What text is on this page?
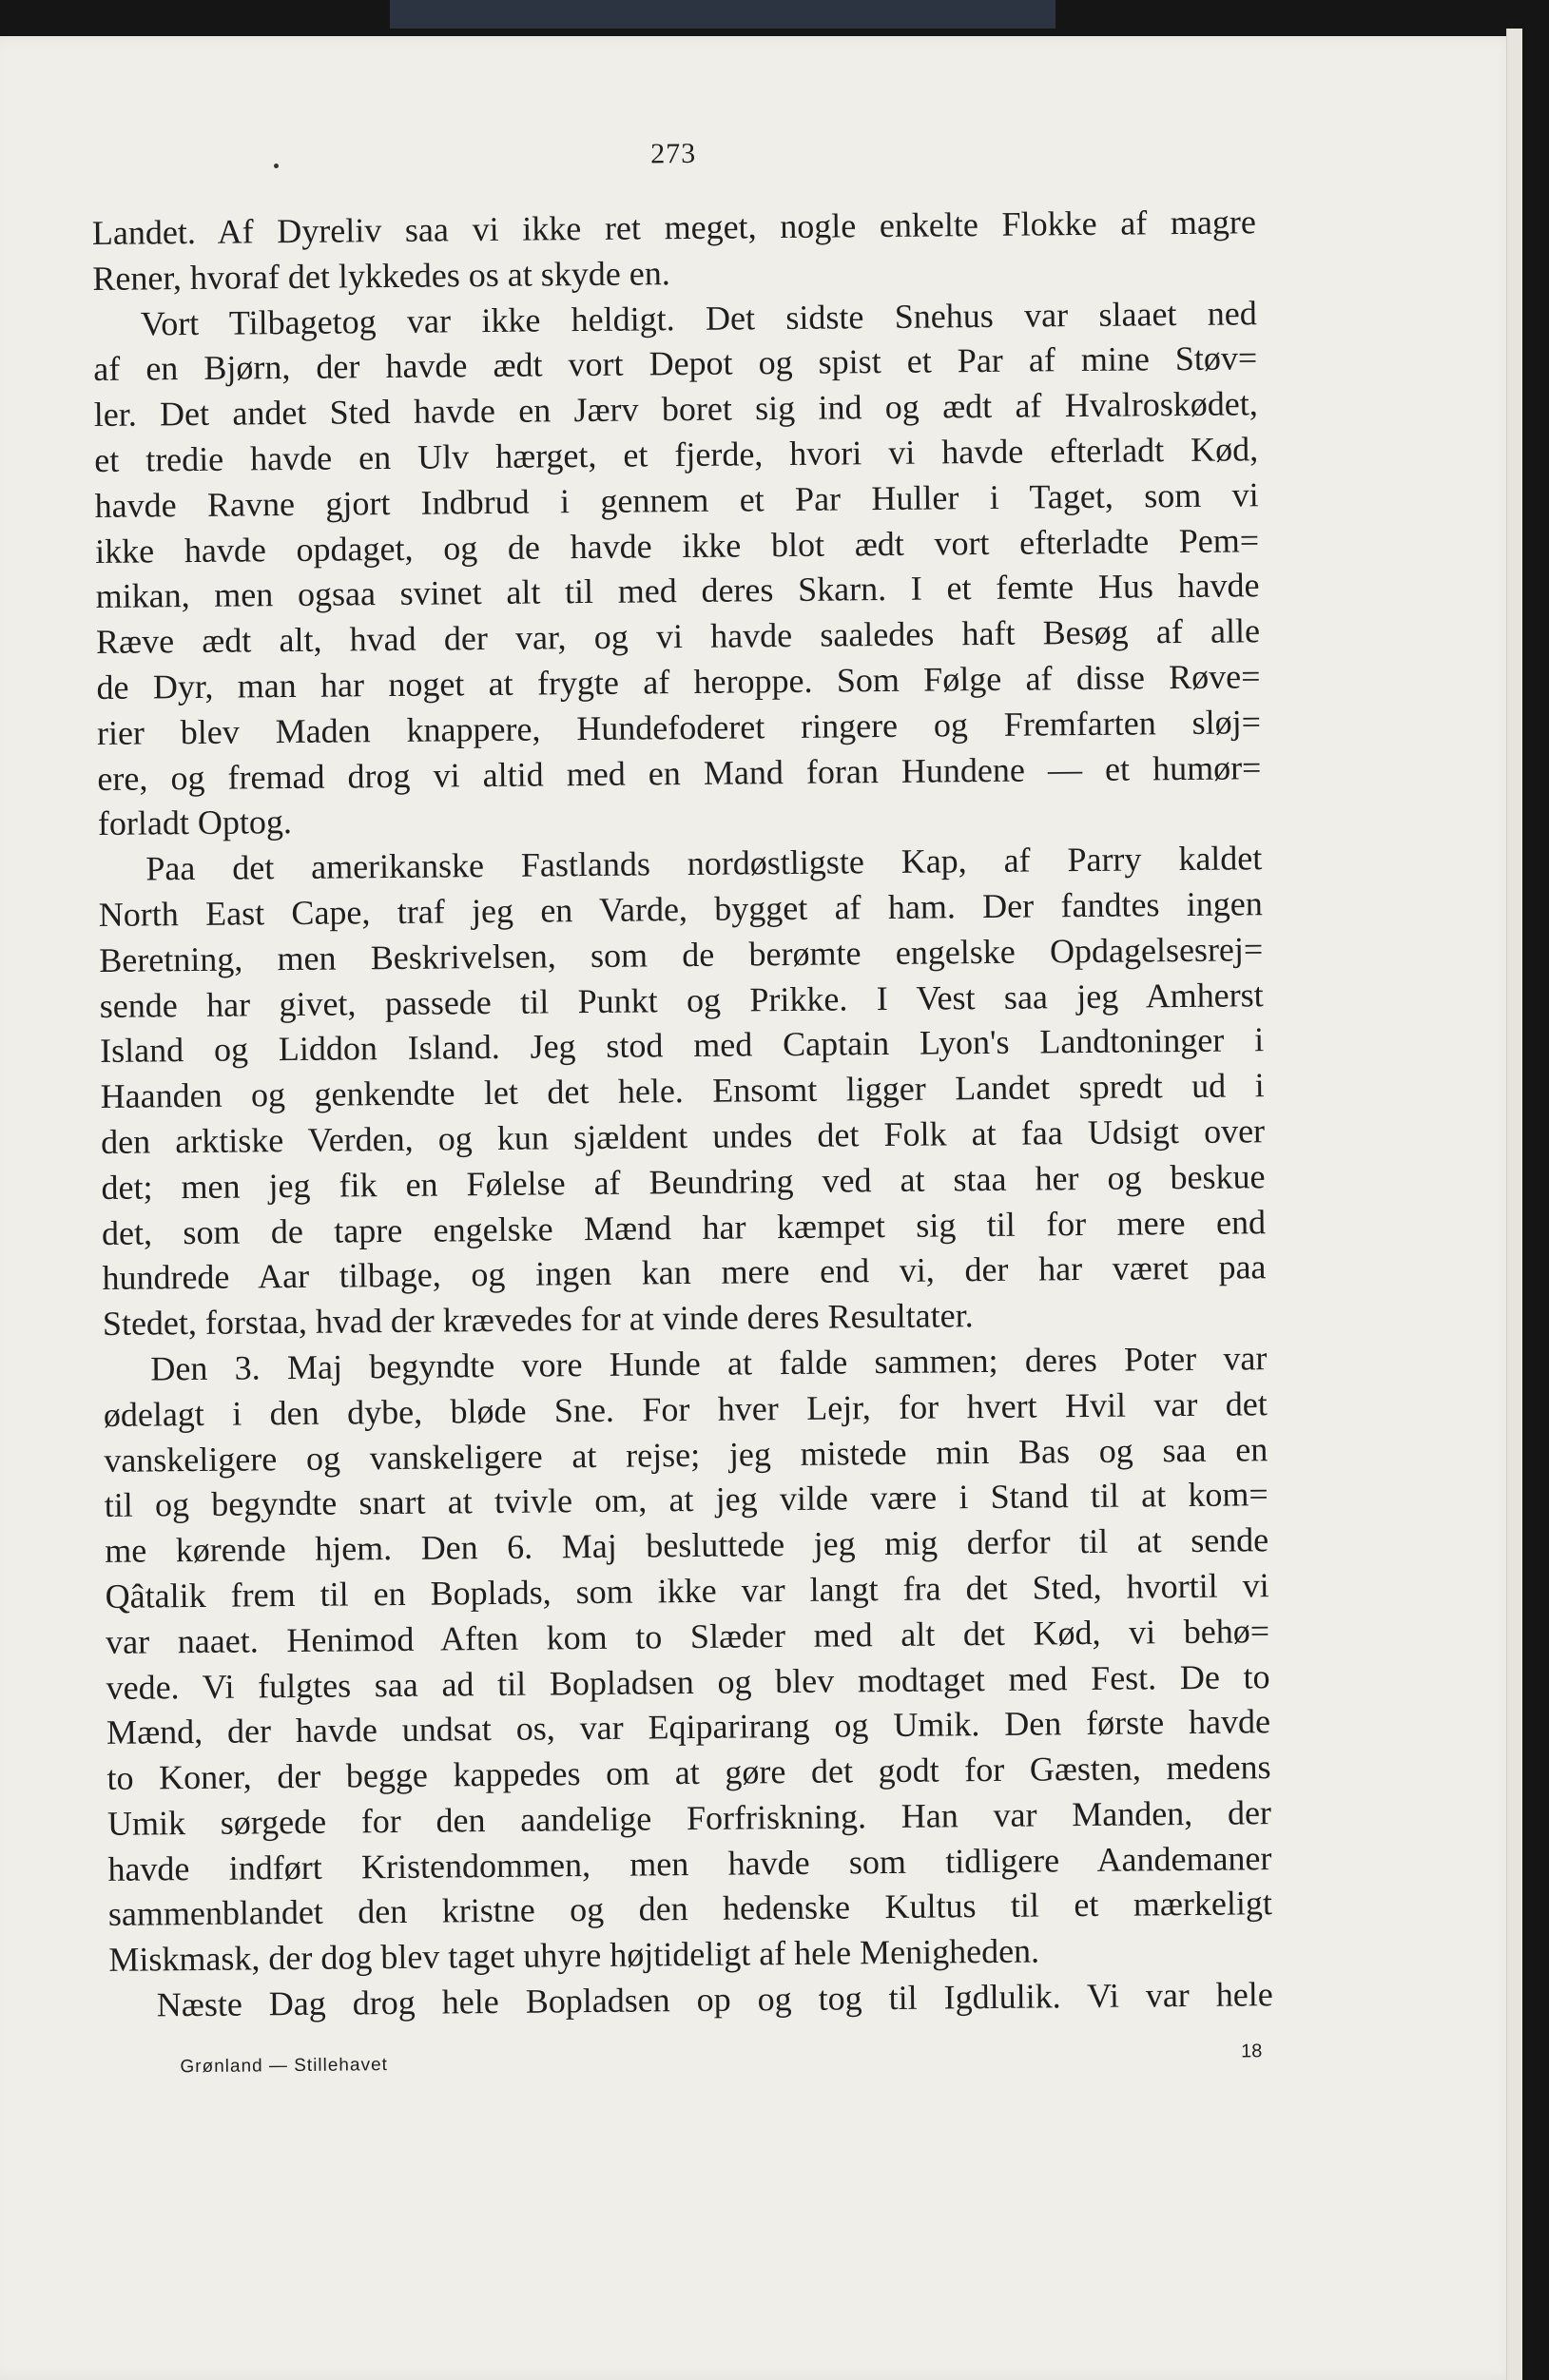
273
Landet. Af Dyreliv saa vi ikke ret meget, nogle enkelte Flokke af magre
Rener, hvoraf det lykkedes os at skyde en.
Vort Tilbagetog var ikke heldigt. Det sidste Snehus var slaaet ned
af en Bjørn, der havde ædt vort Depot og spist et Par af mine Støv=
ler. Det andet Sted havde en Jærv boret sig ind og ædt af Hvalroskødet,
et tredie havde en Ulv hærget, et fjerde, hvori vi havde efterladt Kød,
havde Ravne gjort Indbrud i gennem et Par Huller i Taget, som vi
ikke havde opdaget, og de havde ikke blot ædt vort efterladte Pem=
mikan, men ogsaa svinet alt til med deres Skarn. I et femte Hus havde
Ræve ædt alt, hvad der var, og vi havde saaledes haft Besøg af alle
de Dyr, man har noget at frygte af heroppe. Som Følge af disse Røve=
rier blev Maden knappere, Hundefoderet ringere og Fremfarten sløj=
ere, og fremad drog vi altid med en Mand foran Hundene — et humør=
forladt Optog.
Paa det amerikanske Fastlands nordøstligste Kap, af Parry kaldet
North East Cape, traf jeg en Varde, bygget af ham. Der fandtes ingen
Beretning, men Beskrivelsen, som de berømte engelske Opdagelsesrej=
sende har givet, passede til Punkt og Prikke. I Vest saa jeg Amherst
Island og Liddon Island. Jeg stod med Captain Lyon's Landtoninger i
Haanden og genkendte let det hele. Ensomt ligger Landet spredt ud i
den arktiske Verden, og kun sjældent undes det Folk at faa Udsigt over
det; men jeg fik en Følelse af Beundring ved at staa her og beskue
det, som de tapre engelske Mænd har kæmpet sig til for mere end
hundrede Aar tilbage, og ingen kan mere end vi, der har været paa
Stedet, forstaa, hvad der krævedes for at vinde deres Resultater.
Den 3. Maj begyndte vore Hunde at falde sammen; deres Poter var
ødelagt i den dybe, bløde Sne. For hver Lejr, for hvert Hvil var det
vanskeligere og vanskeligere at rejse; jeg mistede min Bas og saa en
til og begyndte snart at tvivle om, at jeg vilde være i Stand til at kom=
me kørende hjem. Den 6. Maj besluttede jeg mig derfor til at sende
Qâtalik frem til en Boplads, som ikke var langt fra det Sted, hvortil vi
var naaet. Henimod Aften kom to Slæder med alt det Kød, vi behø=
vede. Vi fulgtes saa ad til Bopladsen og blev modtaget med Fest. De to
Mænd, der havde undsat os, var Eqiparirang og Umik. Den første havde
to Koner, der begge kappedes om at gøre det godt for Gæsten, medens
Umik sørgede for den aandelige Forfriskning. Han var Manden, der
havde indført Kristendommen, men havde som tidligere Aandemaner
sammenblandet den kristne og den hedenske Kultus til et mærkeligt
Miskmask, der dog blev taget uhyre højtideligt af hele Menigheden.
Næste Dag drog hele Bopladsen op og tog til Igdlulik. Vi var hele
Grønland — Stillehavet
18
